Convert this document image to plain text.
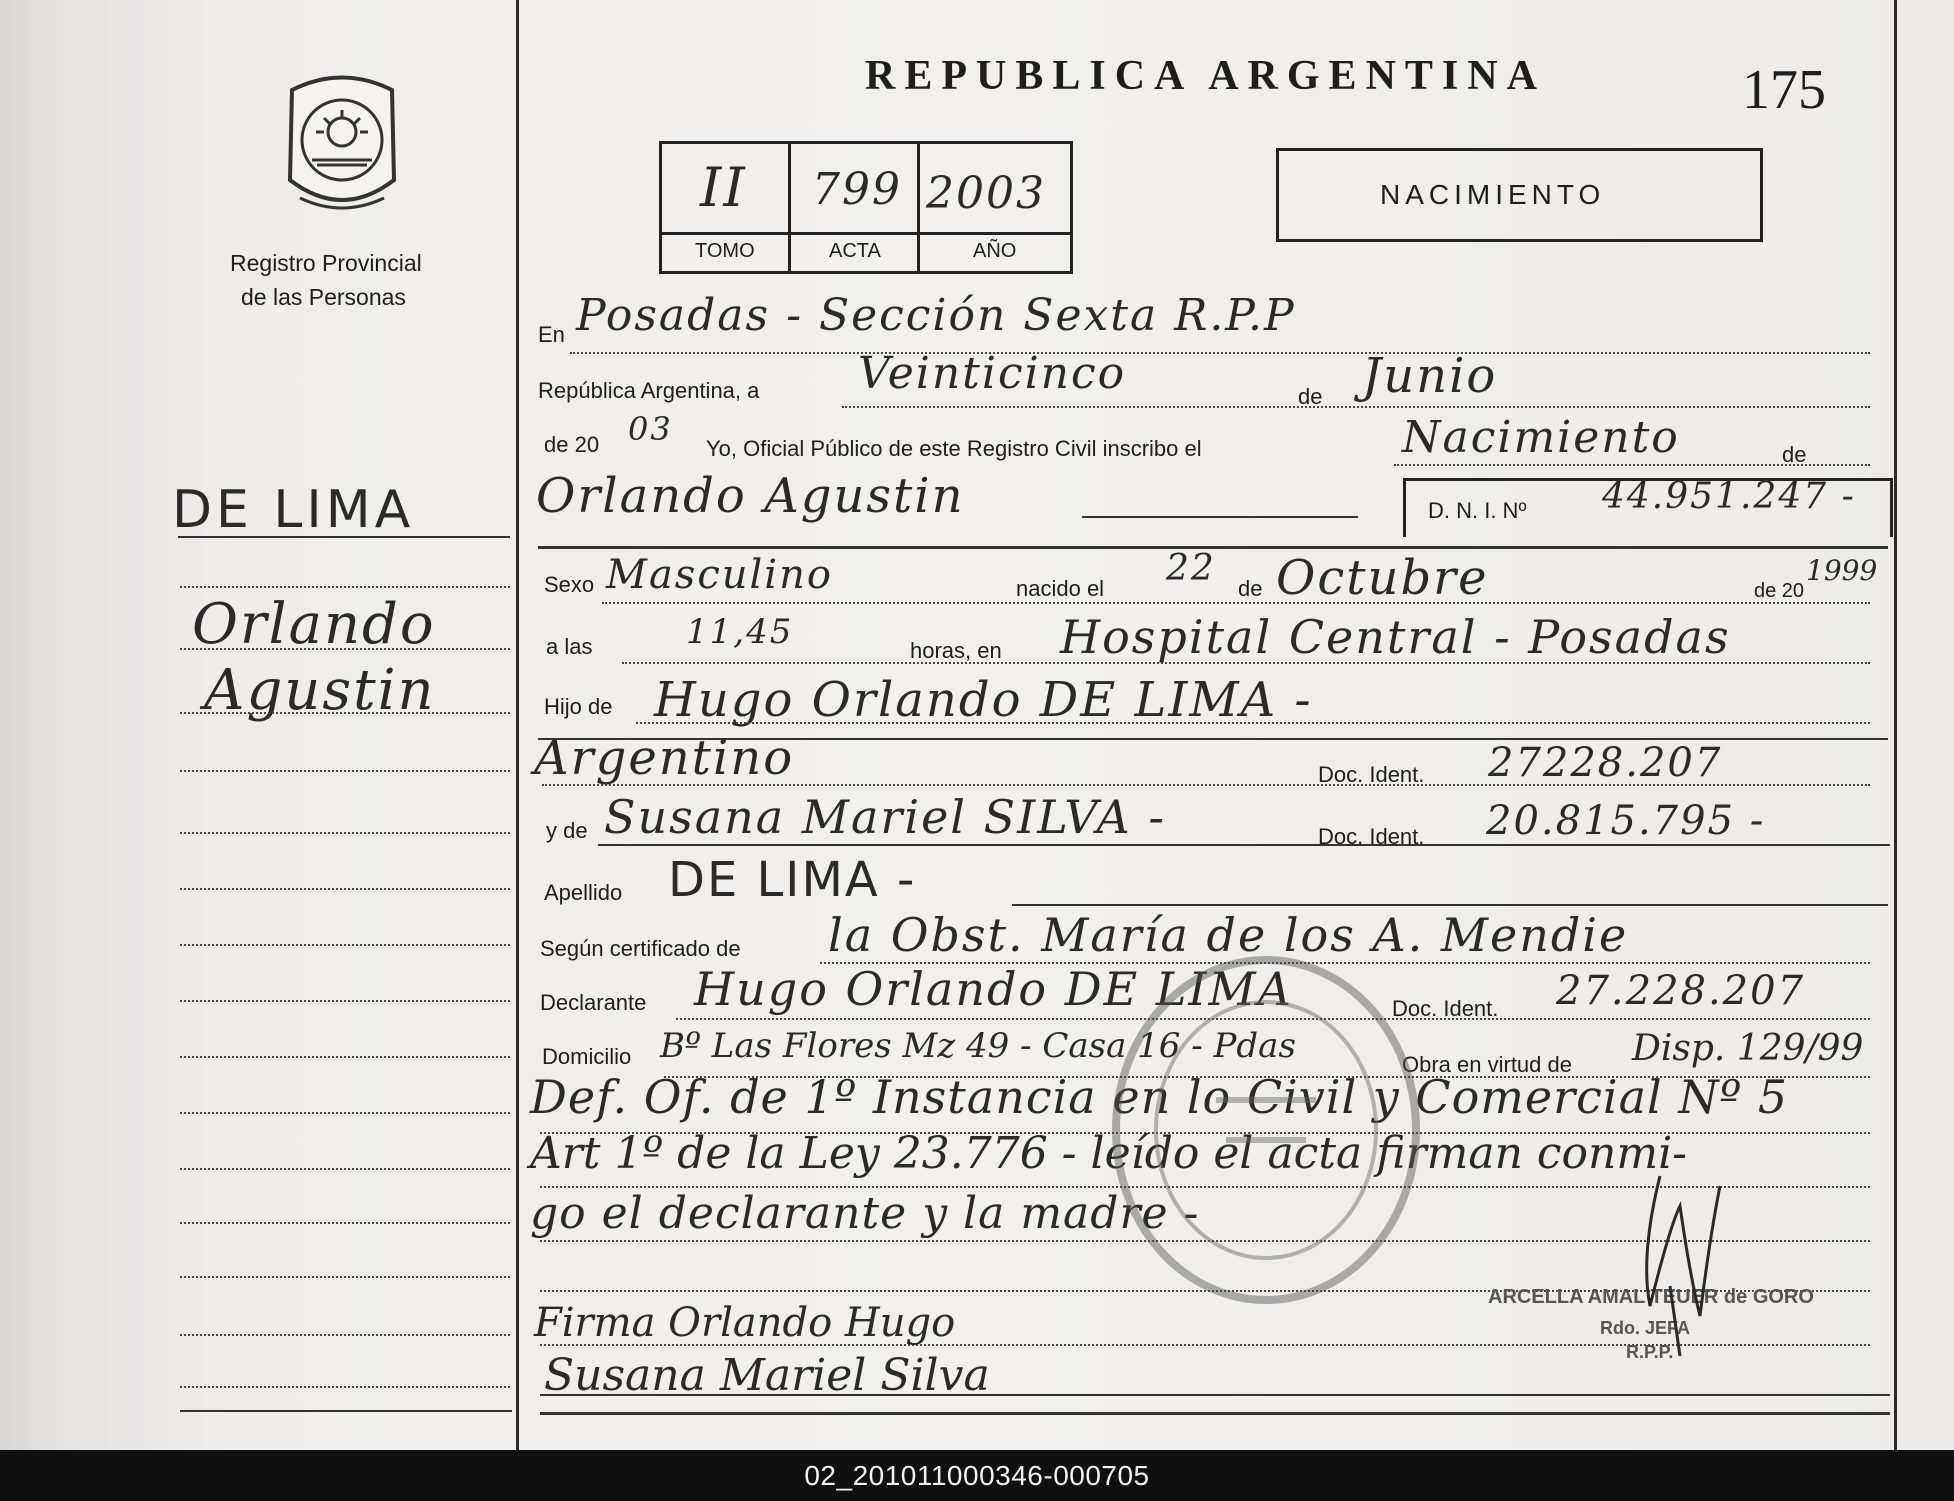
Registro Provincial
de las Personas
REPUBLICA ARGENTINA	175
II 799 2003
TOMO	ACTA	AÑO
NACIMIENTO
DE LIMA
Orlando
Agustin
En Posadas - Sección Sexta R.P.P
República Argentina, a Veinticinco	de Junio
de 20 03
Yo, Oficial Público de este Registro Civil inscribo el	Nacimiento	de
Orlando Agustin	D. N. I. Nº 44.951.247 -
Sexo Masculino	nacido el 22 de Octubre	de 20
1999
a las	11,45	horas, en Hospital Central - Posadas
Hijo de Hugo Orlando DE LIMA -
Argentino	Doc. Ident. 27228.207
y de Susana Mariel SILVA -	Doc. Ident. 20.815.795 -
Apellido DE LIMA -
Según certificado de la Obst. María de los A. Mendie
Declarante Hugo Orlando DE LIMA	Doc. Ident. 27.228.207
Domicilio Bº Las Flores Mz 49 - Casa 16 - Pdas	Obra en virtud de Disp. 129/99
Def. Of. de 1º Instancia en lo Civil y Comercial Nº 5
Art 1º de la Ley 23.776 - leído el acta firman conmi-
go el declarante y la madre -
ARCELLA AMAL TEUER de GORO
Rdo. JEFA
R.P.P.
Firma Orlando Hugo
Susana Mariel Silva
02_201011000346-000705
